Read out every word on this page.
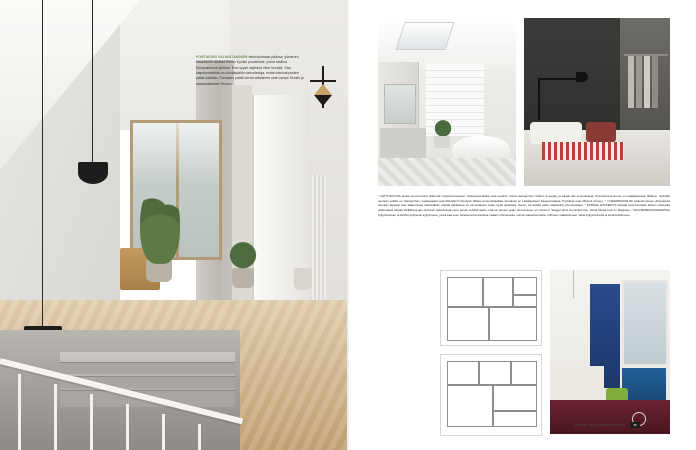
PORTAIDEN VALMISTAMINEN betonipuhtaan pääosa, ylävarren tasanteelle odottaa Reimo Kyöski puustelaite, jonka matlina Ennipuseensa lyhtönä. Ensi syysti näyttävä viher kevetjä. Osa kaiputtosvalinta on ulkokäytällön tarkoitetluja, mutta toimivat puiden päälä siskiläin. Portaiden päälä olevat valaisimet ovat Lampe Grasin ja seinävalaisimet Remon.
* KATTOIKKUNA antaa luonnonvaloa yläkerran kylpyhuoneeseen. Käsienpesuallaat ovat Laufeni, hanat Hansgrohen Citterio S-sarjaa, ja kaapit ilse suunniteltuja. Kiviimassa-ammme on Laakkajoloisen Balteco. Seinään upotettu suihku on Hansgrohen. Laatiapaalat ovat Marrakech Designin Milano-sementtilaattaa. Seinässä on Laatlapisteen Faaseti-laattaa. Pyyhkeet ovat Missoni Homen. * YLÄKERRASSA lilli makuuhuoneen yhteydessä sarnaan tappaan kuin alakerrassa ruokasallnis. Alpidel pakkisissa on samanlainen maku myös vaaleissa, Teemu Iuo Emille uskin vaalittuiksi lyhmetsoitaan. * KORKEA HUONEKOT tahvaat ovat harmaita, lukuun ottamatta yläkerrassa eleväa värikilöä-pojan huoneen tarkoitmista evea. Ennik vehdött aastu, että svi pienen pojan huoneeseen on erityinen. Sängyn Enni suunnitteli itse. Vilma Almaa-tuoli on Magisian. * KAUNIIMMAKSONKERTAA kylpyhuoneen ja kehitin,erityisesti kylpyhuone, jonka kaa seen lukuisemmat anistoita vaalein olohuonetta, suima makuuhuonetta, erittrieen vaaleistuneet, tabiä kylpyhuonetta ja kodinhoitohuone.
JOURNAL DER GLÄSERNEN HÜTTE	35
